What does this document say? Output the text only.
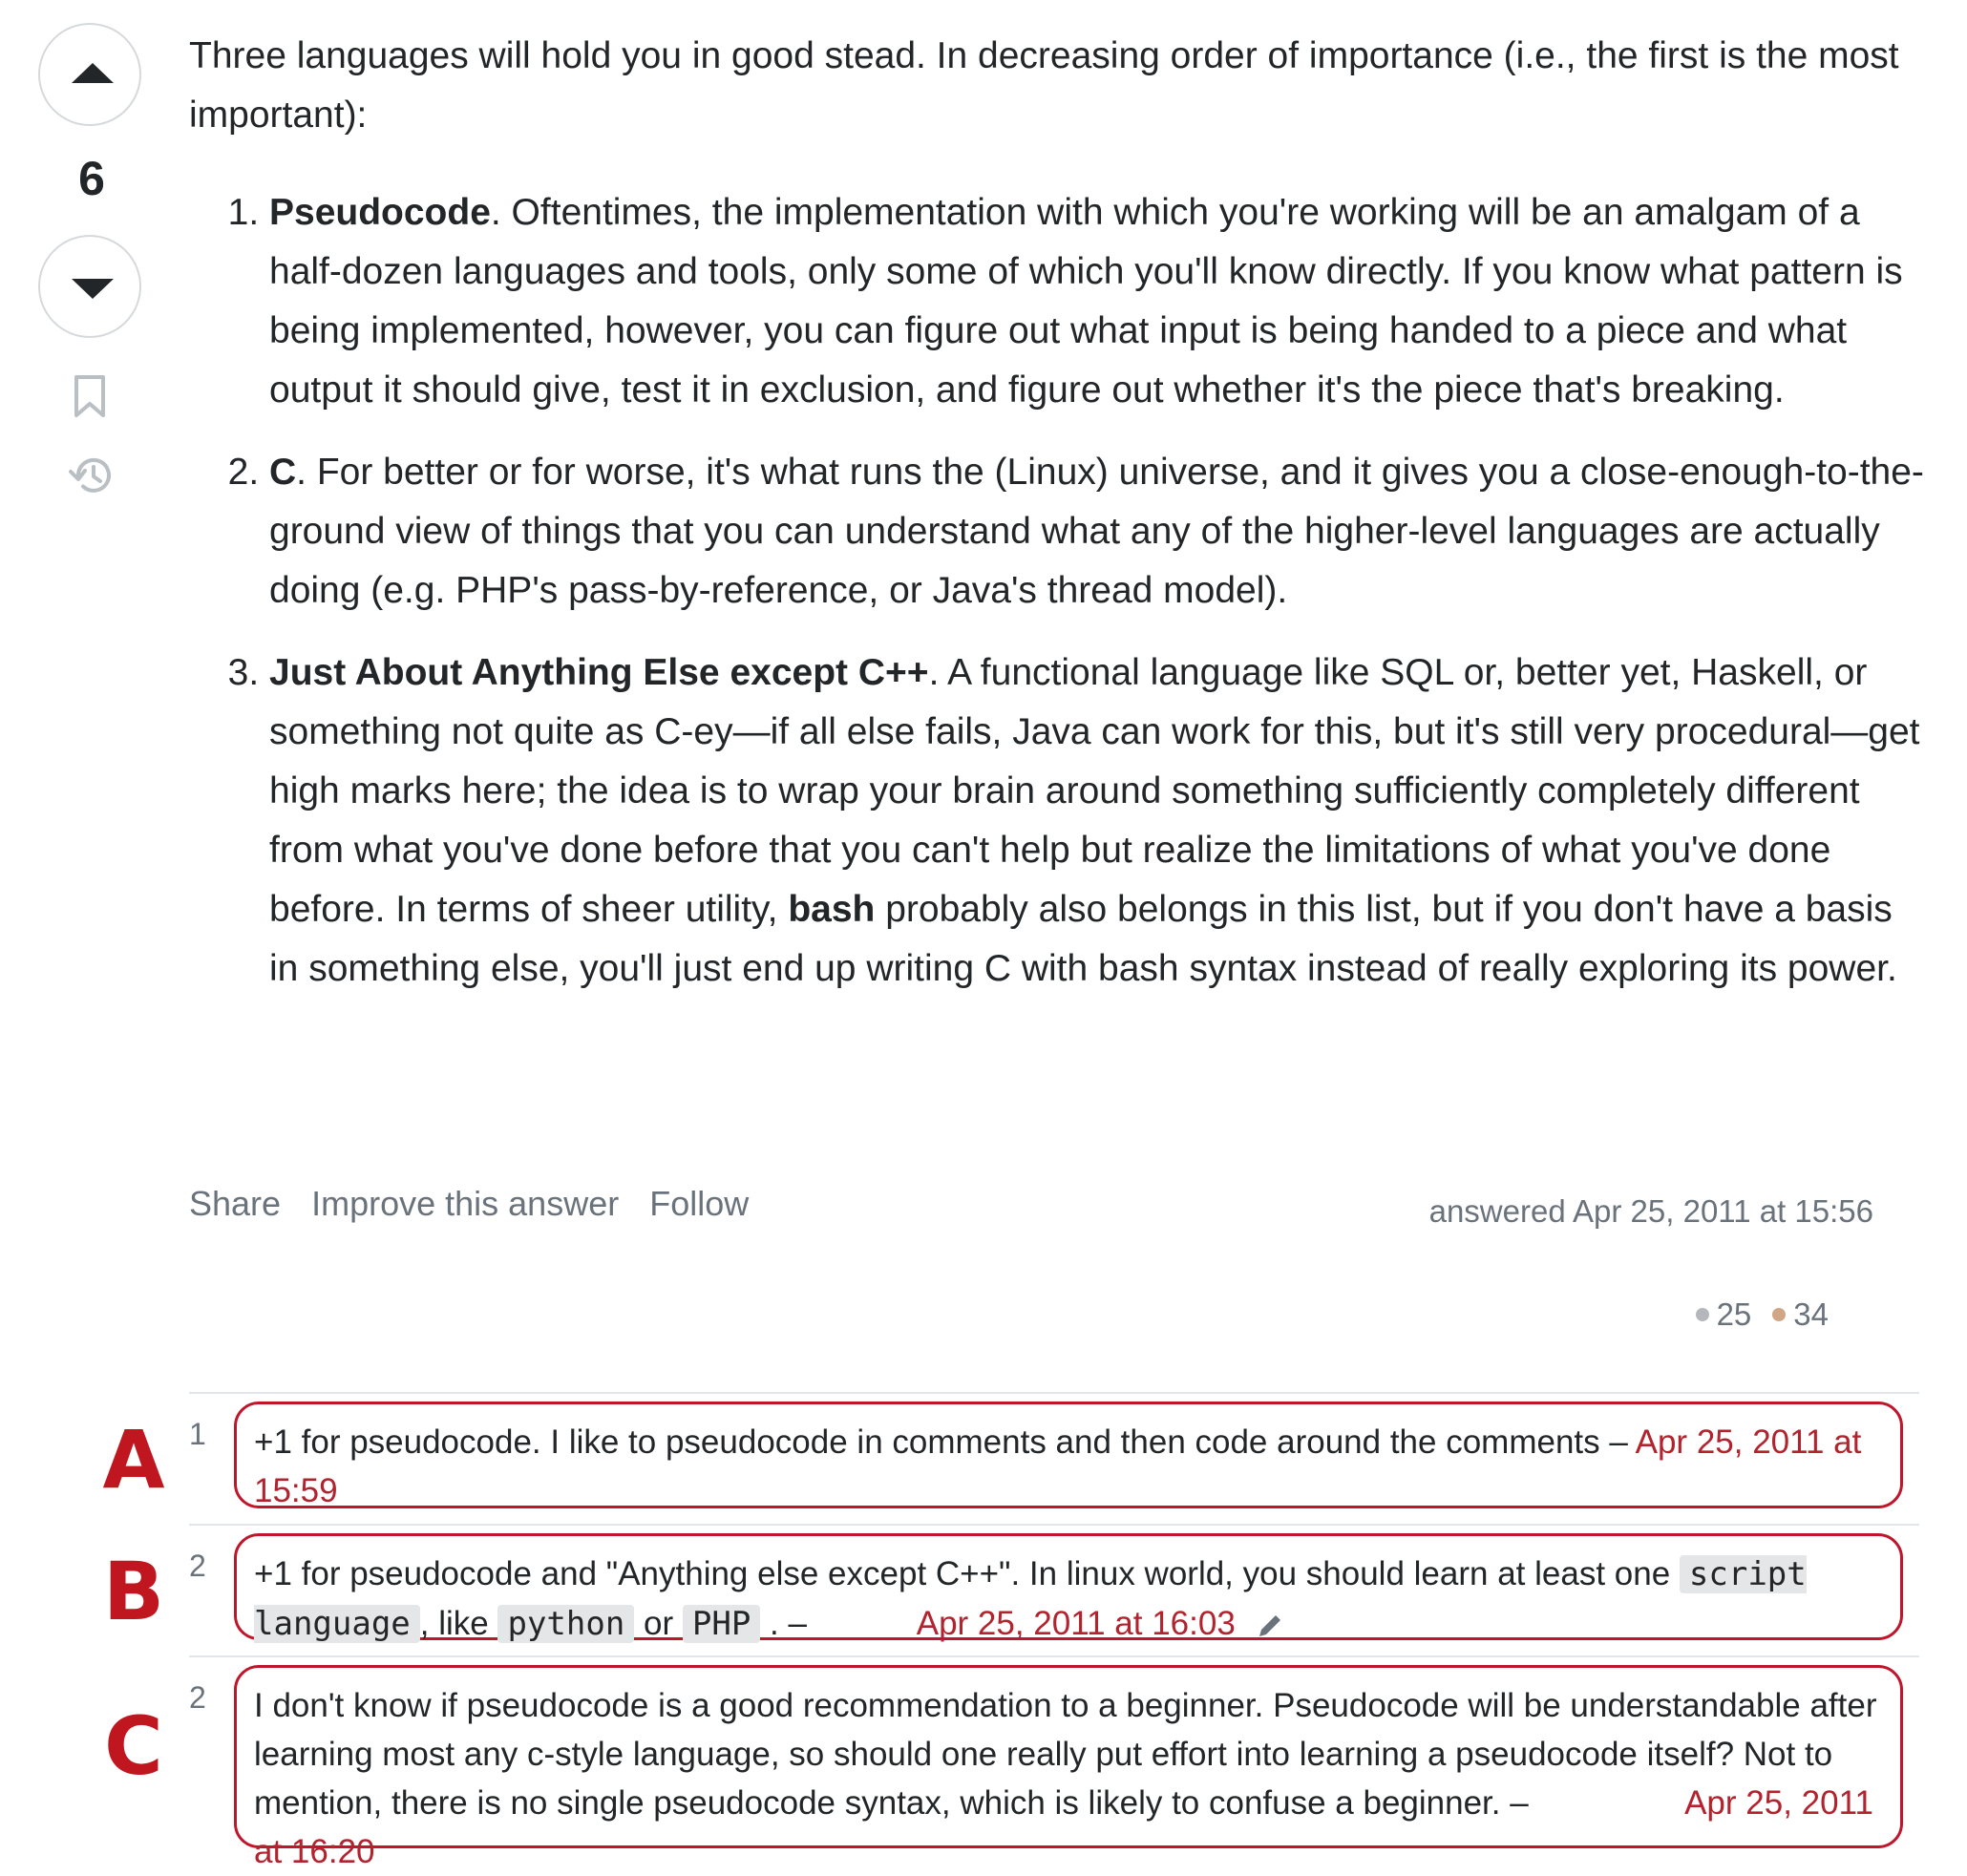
6

Three languages will hold you in good stead. In decreasing order of importance (i.e., the first is the most important):

1. Pseudocode. Oftentimes, the implementation with which you're working will be an amalgam of a half-dozen languages and tools, only some of which you'll know directly. If you know what pattern is being implemented, however, you can figure out what input is being handed to a piece and what output it should give, test it in exclusion, and figure out whether it's the piece that's breaking.
2. C. For better or for worse, it's what runs the (Linux) universe, and it gives you a close-enough-to-the-ground view of things that you can understand what any of the higher-level languages are actually doing (e.g. PHP's pass-by-reference, or Java's thread model).
3. Just About Anything Else except C++. A functional language like SQL or, better yet, Haskell, or something not quite as C-ey—if all else fails, Java can work for this, but it's still very procedural—get high marks here; the idea is to wrap your brain around something sufficiently completely different from what you've done before that you can't help but realize the limitations of what you've done before. In terms of sheer utility, bash probably also belongs in this list, but if you don't have a basis in something else, you'll just end up writing C with bash syntax instead of really exploring its power.
Share Improve this answer Follow	answered Apr 25, 2011 at 15:56
25 34
A 1	+1 for pseudocode. I like to pseudocode in comments and then code around the comments – Apr 25, 2011 at 15:59
B 2	+1 for pseudocode and "Anything else except C++". In linux world, you should learn at least one script language , like python or PHP . –	Apr 25, 2011 at 16:03
C
2	I don't know if pseudocode is a good recommendation to a beginner. Pseudocode will be understandable after learning most any c-style language, so should one really put effort into learning a pseudocode itself? Not to mention, there is no single pseudocode syntax, which is likely to confuse a beginner. –	Apr 25, 2011 at 16:20
